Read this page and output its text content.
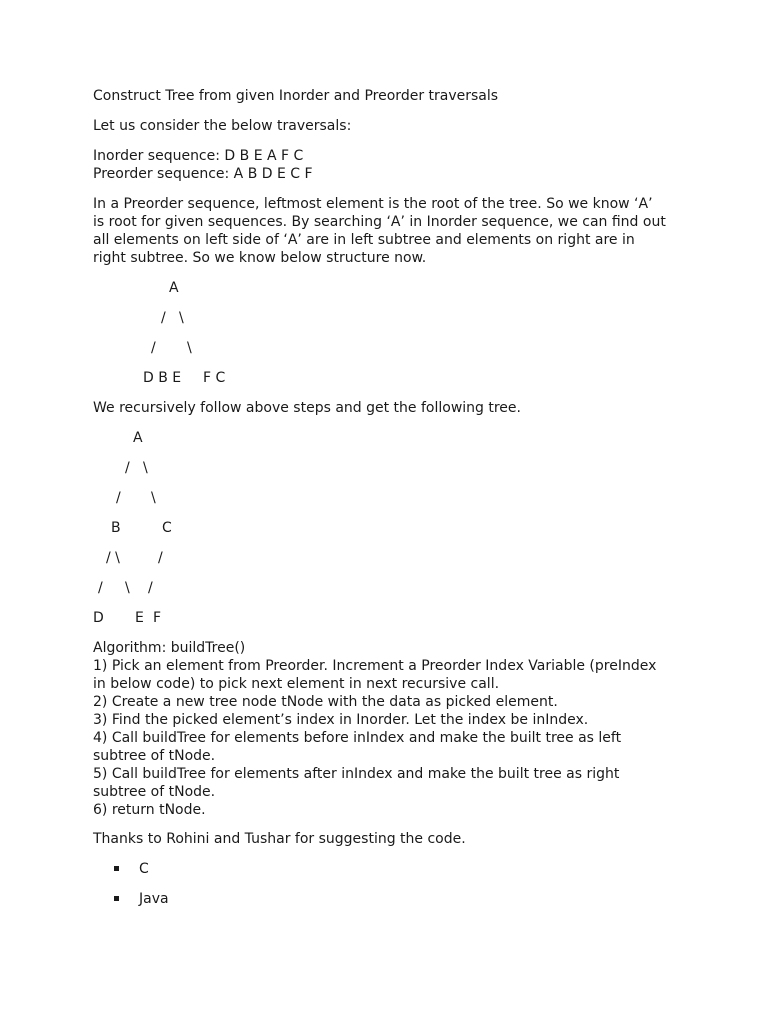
Construct Tree from given Inorder and Preorder traversals
Let us consider the below traversals:
Inorder sequence: D B E A F C
Preorder sequence: A B D E C F
In a Preorder sequence, leftmost element is the root of the tree. So we know ‘A’
is root for given sequences. By searching ‘A’ in Inorder sequence, we can find out
all elements on left side of ‘A’ are in left subtree and elements on right are in
right subtree. So we know below structure now.
A
/ \
/ \
D B E F C
We recursively follow above steps and get the following tree.
A
/ \
/ \
B	C
/ \	/
/ \ /
D E F
Algorithm: buildTree()
1) Pick an element from Preorder. Increment a Preorder Index Variable (preIndex
in below code) to pick next element in next recursive call.
2) Create a new tree node tNode with the data as picked element.
3) Find the picked element’s index in Inorder. Let the index be inIndex.
4) Call buildTree for elements before inIndex and make the built tree as left
subtree of tNode.
5) Call buildTree for elements after inIndex and make the built tree as right
subtree of tNode.
6) return tNode.
Thanks to Rohini and Tushar for suggesting the code.
C
Java
